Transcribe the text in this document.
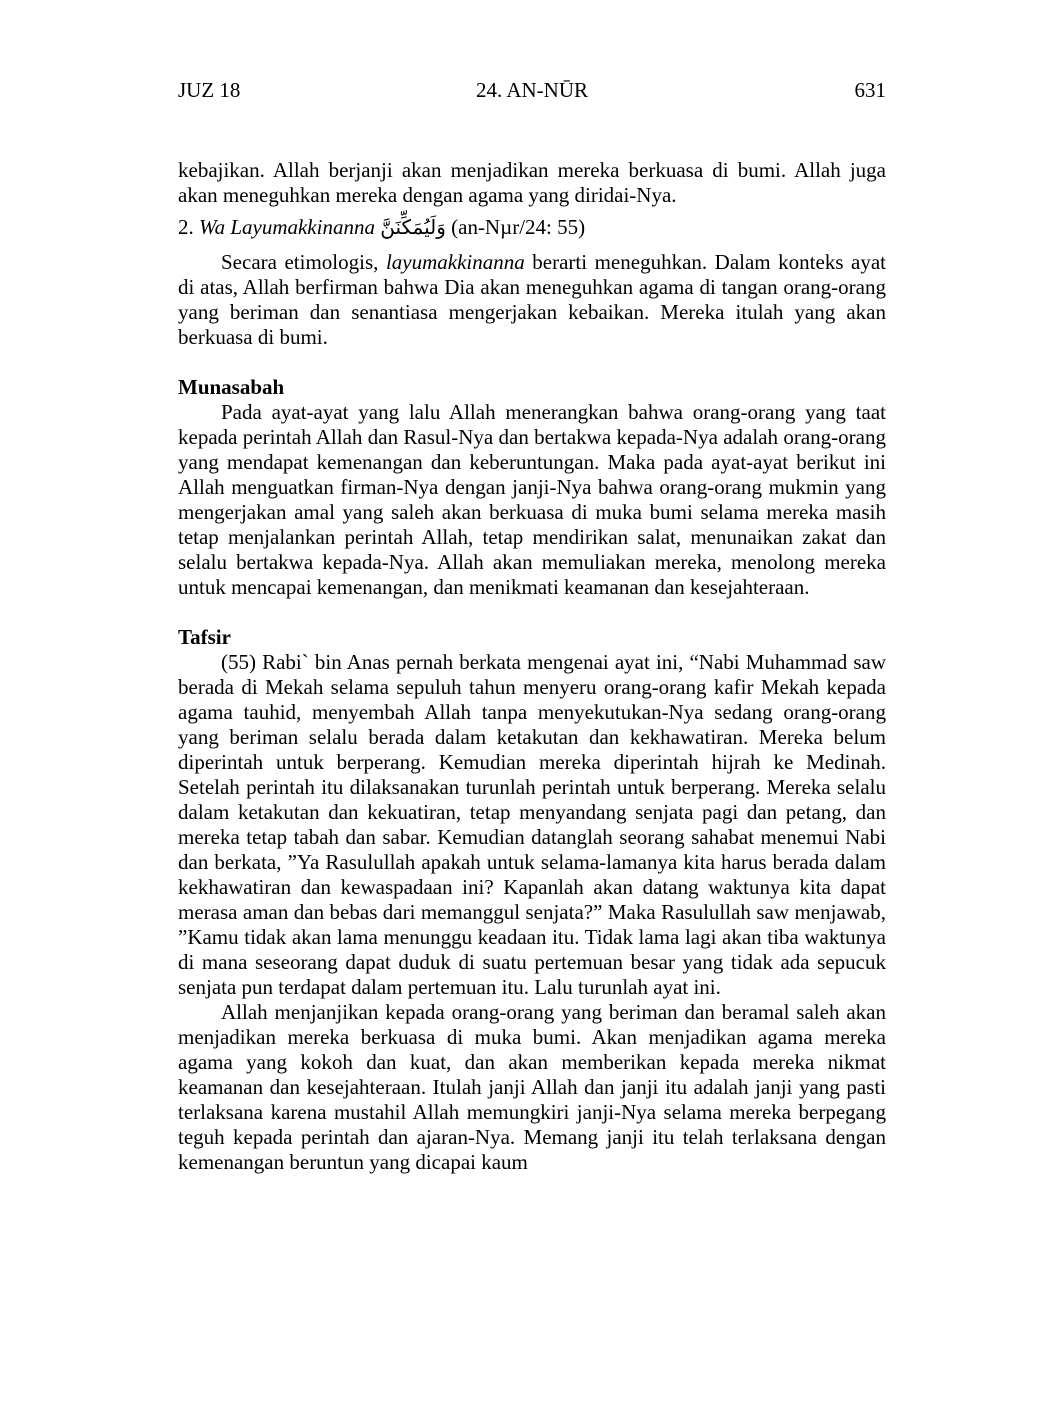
JUZ 18	24. AN-NŪR	631

kebajikan. Allah berjanji akan menjadikan mereka berkuasa di bumi. Allah juga akan meneguhkan mereka dengan agama yang diridai-Nya.

2. Wa Layumakkinanna وَلَيُمَكِّنَنَّ (an-Nµr/24: 55)

Secara etimologis, layumakkinanna berarti meneguhkan. Dalam konteks ayat di atas, Allah berfirman bahwa Dia akan meneguhkan agama di tangan orang-orang yang beriman dan senantiasa mengerjakan kebaikan. Mereka itulah yang akan berkuasa di bumi.

Munasabah

Pada ayat-ayat yang lalu Allah menerangkan bahwa orang-orang yang taat kepada perintah Allah dan Rasul-Nya dan bertakwa kepada-Nya adalah orang-orang yang mendapat kemenangan dan keberuntungan. Maka pada ayat-ayat berikut ini Allah menguatkan firman-Nya dengan janji-Nya bahwa orang-orang mukmin yang mengerjakan amal yang saleh akan berkuasa di muka bumi selama mereka masih tetap menjalankan perintah Allah, tetap mendirikan salat, menunaikan zakat dan selalu bertakwa kepada-Nya. Allah akan memuliakan mereka, menolong mereka untuk mencapai kemenangan, dan menikmati keamanan dan kesejahteraan.

Tafsir

(55) Rabi` bin Anas pernah berkata mengenai ayat ini, “Nabi Muhammad saw berada di Mekah selama sepuluh tahun menyeru orang-orang kafir Mekah kepada agama tauhid, menyembah Allah tanpa menyekutukan-Nya sedang orang-orang yang beriman selalu berada dalam ketakutan dan kekhawatiran. Mereka belum diperintah untuk berperang. Kemudian mereka diperintah hijrah ke Medinah. Setelah perintah itu dilaksanakan turunlah perintah untuk berperang. Mereka selalu dalam ketakutan dan kekuatiran, tetap menyandang senjata pagi dan petang, dan mereka tetap tabah dan sabar. Kemudian datanglah seorang sahabat menemui Nabi dan berkata, ”Ya Rasulullah apakah untuk selama-lamanya kita harus berada dalam kekhawatiran dan kewaspadaan ini? Kapanlah akan datang waktunya kita dapat merasa aman dan bebas dari memanggul senjata?” Maka Rasulullah saw menjawab, ”Kamu tidak akan lama menunggu keadaan itu. Tidak lama lagi akan tiba waktunya di mana seseorang dapat duduk di suatu pertemuan besar yang tidak ada sepucuk senjata pun terdapat dalam pertemuan itu. Lalu turunlah ayat ini.

Allah menjanjikan kepada orang-orang yang beriman dan beramal saleh akan menjadikan mereka berkuasa di muka bumi. Akan menjadikan agama mereka agama yang kokoh dan kuat, dan akan memberikan kepada mereka nikmat keamanan dan kesejahteraan. Itulah janji Allah dan janji itu adalah janji yang pasti terlaksana karena mustahil Allah memungkiri janji-Nya selama mereka berpegang teguh kepada perintah dan ajaran-Nya. Memang janji itu telah terlaksana dengan kemenangan beruntun yang dicapai kaum
